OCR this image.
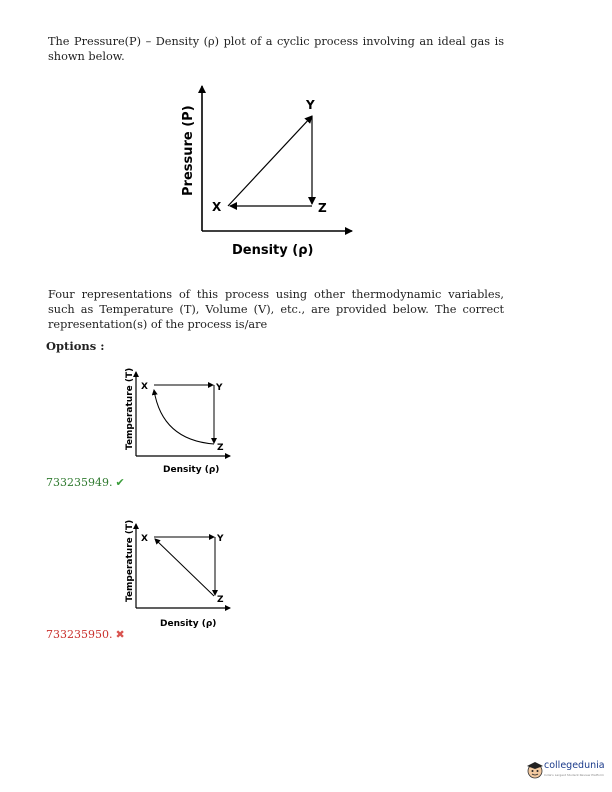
The Pressure(P) – Density (ρ) plot of a cyclic process involving an ideal gas is shown below.
X
Y
Z
Pressure (P)
Density (ρ)
Four representations of this process using other thermodynamic variables, such as Temperature (T), Volume (V), etc., are provided below. The correct representation(s) of the process is/are
Options :
X	Y
Z
Temperature (T)
Density (ρ)
733235949. ✔
X	Y
Z
Temperature (T)
Density (ρ)
733235950. ✖
collegedunia
India's Largest Student Review Platform
